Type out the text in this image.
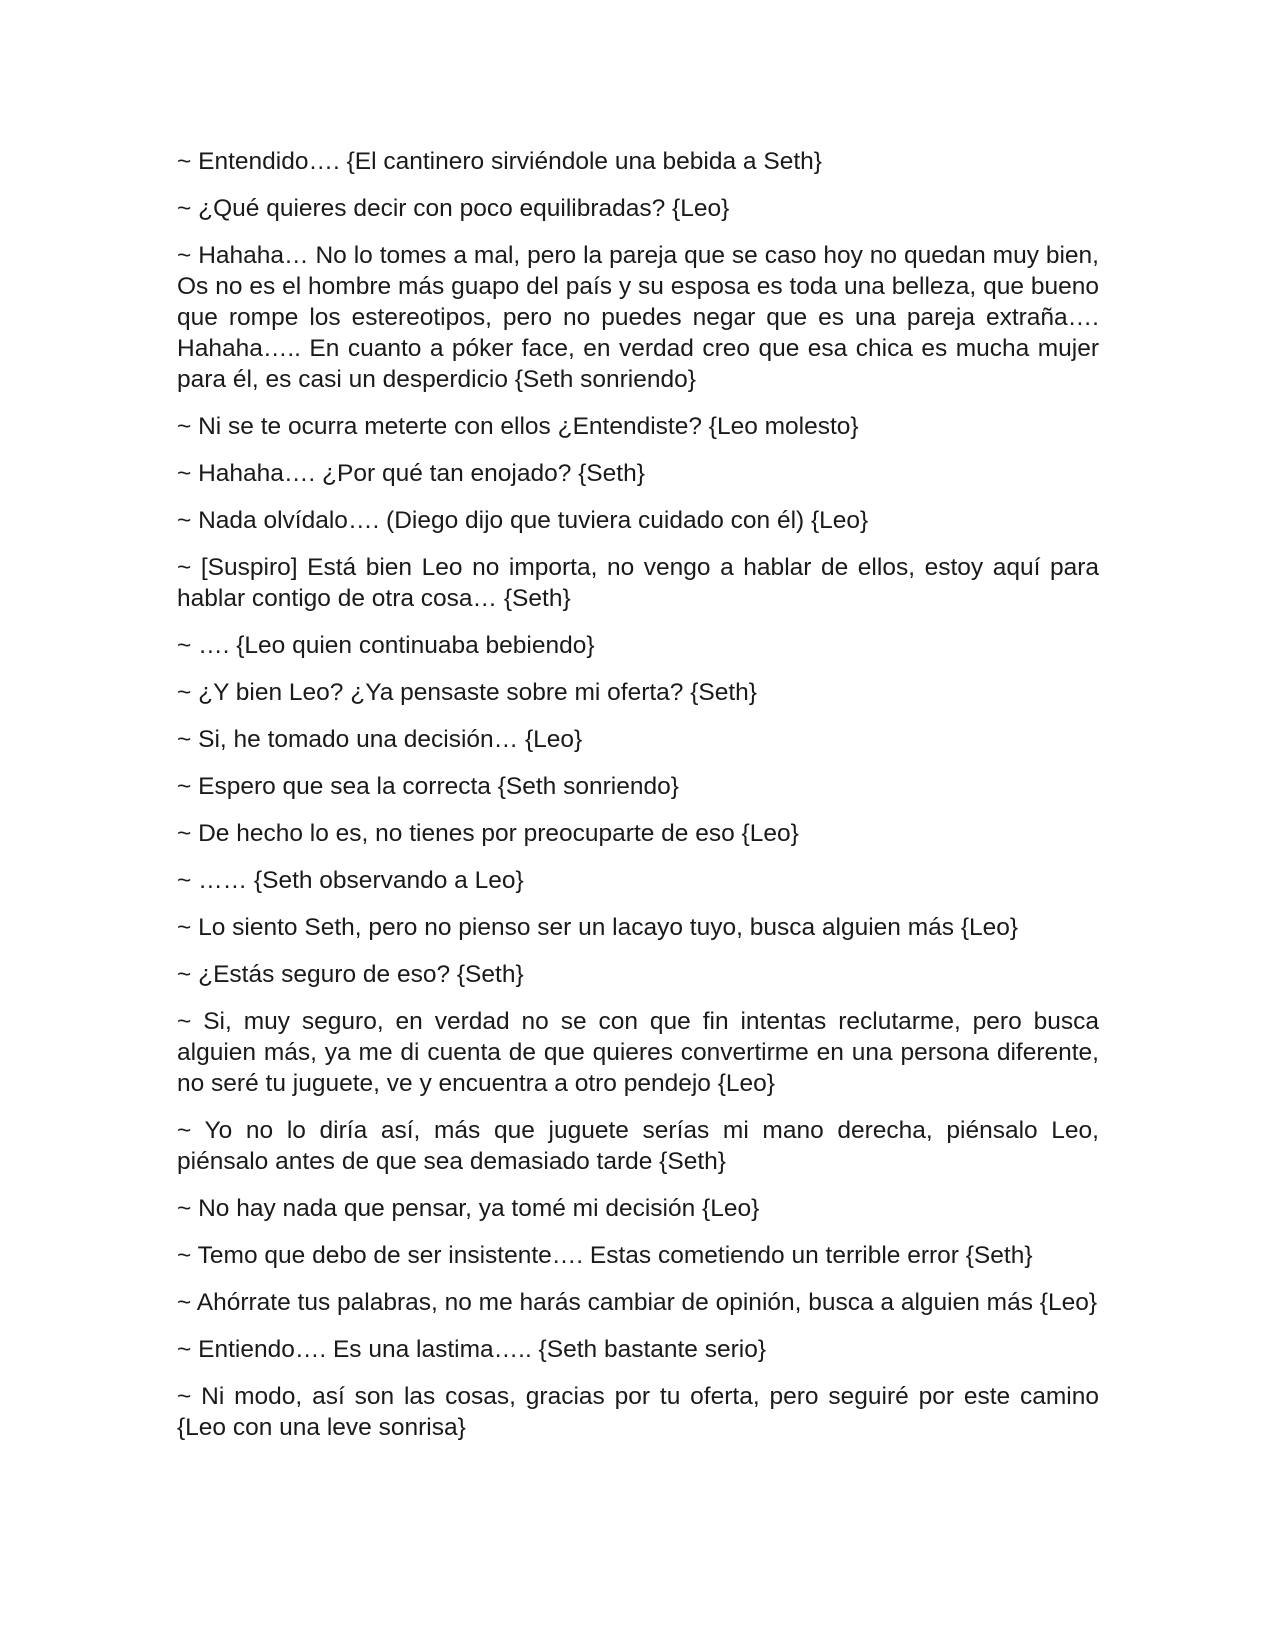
~ Entendido…. {El cantinero sirviéndole una bebida a Seth}

~ ¿Qué quieres decir con poco equilibradas? {Leo}

~ Hahaha… No lo tomes a mal, pero la pareja que se caso hoy no quedan muy bien, Os no es el hombre más guapo del país y su esposa es toda una belleza, que bueno que rompe los estereotipos, pero no puedes negar que es una pareja extraña…. Hahaha….. En cuanto a póker face, en verdad creo que esa chica es mucha mujer para él, es casi un desperdicio {Seth sonriendo}

~ Ni se te ocurra meterte con ellos ¿Entendiste? {Leo molesto}

~ Hahaha…. ¿Por qué tan enojado? {Seth}

~ Nada olvídalo…. (Diego dijo que tuviera cuidado con él) {Leo}

~ [Suspiro] Está bien Leo no importa, no vengo a hablar de ellos, estoy aquí para hablar contigo de otra cosa… {Seth}

~ …. {Leo quien continuaba bebiendo}

~ ¿Y bien Leo? ¿Ya pensaste sobre mi oferta? {Seth}

~ Si, he tomado una decisión… {Leo}

~ Espero que sea la correcta {Seth sonriendo}

~ De hecho lo es, no tienes por preocuparte de eso {Leo}

~ …… {Seth observando a Leo}

~ Lo siento Seth, pero no pienso ser un lacayo tuyo, busca alguien más {Leo}

~ ¿Estás seguro de eso? {Seth}

~ Si, muy seguro, en verdad no se con que fin intentas reclutarme, pero busca alguien más, ya me di cuenta de que quieres convertirme en una persona diferente, no seré tu juguete, ve y encuentra a otro pendejo {Leo}

~ Yo no lo diría así, más que juguete serías mi mano derecha, piénsalo Leo, piénsalo antes de que sea demasiado tarde {Seth}

~ No hay nada que pensar, ya tomé mi decisión {Leo}

~ Temo que debo de ser insistente…. Estas cometiendo un terrible error {Seth}

~ Ahórrate tus palabras, no me harás cambiar de opinión, busca a alguien más {Leo}

~ Entiendo…. Es una lastima….. {Seth bastante serio}

~ Ni modo, así son las cosas, gracias por tu oferta, pero seguiré por este camino {Leo con una leve sonrisa}
